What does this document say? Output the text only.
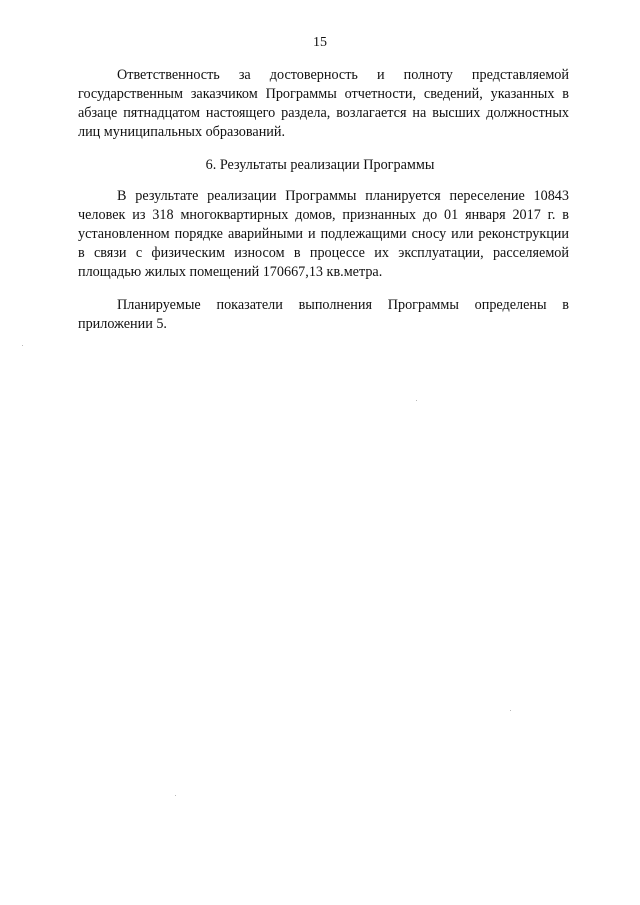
15

Ответственность за достоверность и полноту представляемой государственным заказчиком Программы отчетности, сведений, указанных в абзаце пятнадцатом настоящего раздела, возлагается на высших должностных лиц муниципальных образований.

6. Результаты реализации Программы

В результате реализации Программы планируется переселение 10843 человек из 318 многоквартирных домов, признанных до 01 января 2017 г. в установленном порядке аварийными и подлежащими сносу или реконструкции в связи с физическим износом в процессе их эксплуатации, расселяемой площадью жилых помещений 170667,13 кв.метра.

Планируемые показатели выполнения Программы определены в приложении 5.
